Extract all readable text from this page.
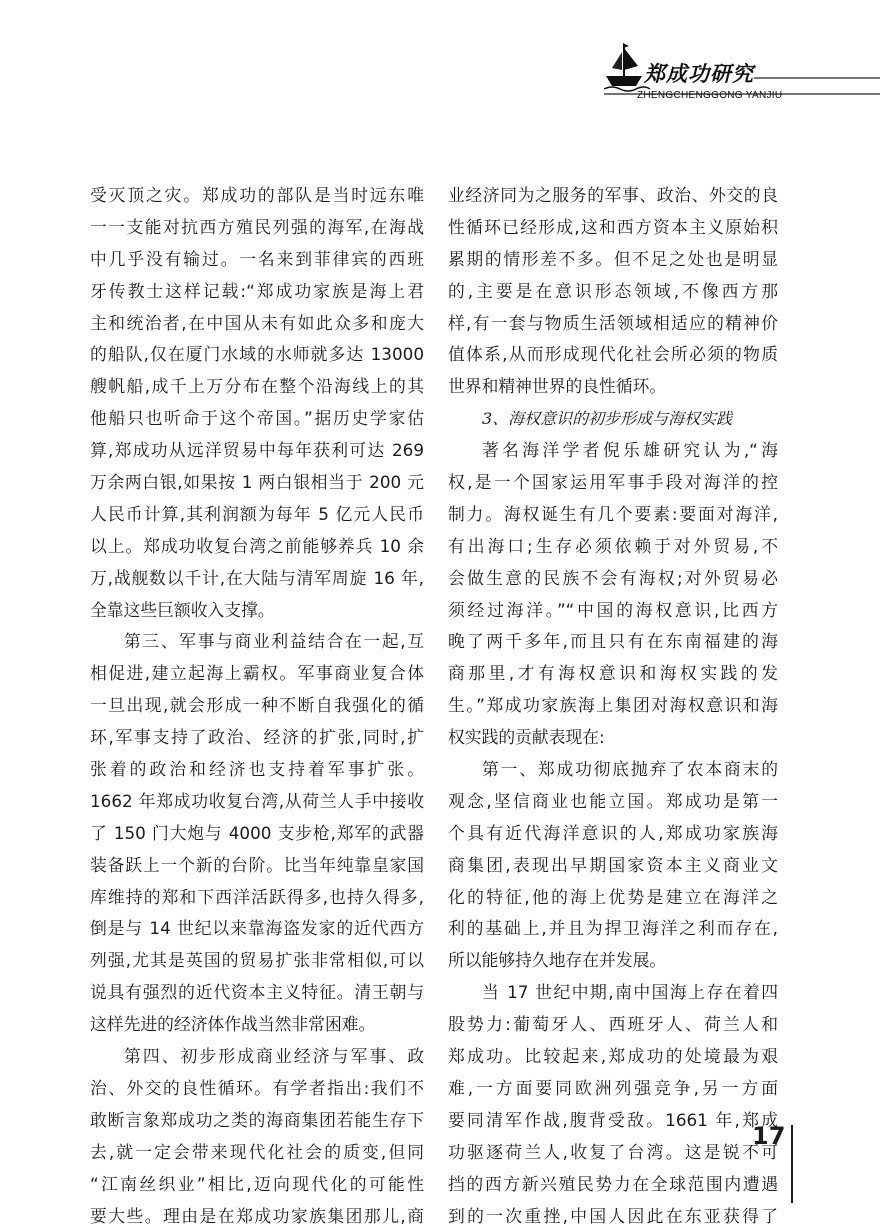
郑成功研究
ZHENGCHENGGONG YANJIU
受灭顶之灾。郑成功的部队是当时远东唯
一一支能对抗西方殖民列强的海军,在海战
中几乎没有输过。一名来到菲律宾的西班
牙传教士这样记载:“郑成功家族是海上君
主和统治者,在中国从未有如此众多和庞大
的船队,仅在厦门水域的水师就多达 13000
艘帆船,成千上万分布在整个沿海线上的其
他船只也听命于这个帝国。”据历史学家估
算,郑成功从远洋贸易中每年获利可达 269
万余两白银,如果按 1 两白银相当于 200 元
人民币计算,其利润额为每年 5 亿元人民币
以上。郑成功收复台湾之前能够养兵 10 余
万,战舰数以千计,在大陆与清军周旋 16 年,
全靠这些巨额收入支撑。
第三、军事与商业利益结合在一起,互
相促进,建立起海上霸权。军事商业复合体
一旦出现,就会形成一种不断自我强化的循
环,军事支持了政治、经济的扩张,同时,扩
张着的政治和经济也支持着军事扩张。
1662 年郑成功收复台湾,从荷兰人手中接收
了 150 门大炮与 4000 支步枪,郑军的武器
装备跃上一个新的台阶。比当年纯靠皇家国
库维持的郑和下西洋活跃得多,也持久得多,
倒是与 14 世纪以来靠海盗发家的近代西方
列强,尤其是英国的贸易扩张非常相似,可以
说具有强烈的近代资本主义特征。清王朝与
这样先进的经济体作战当然非常困难。
第四、初步形成商业经济与军事、政
治、外交的良性循环。有学者指出:我们不
敢断言象郑成功之类的海商集团若能生存下
去,就一定会带来现代化社会的质变,但同
“江南丝织业”相比,迈向现代化的可能性
要大些。理由是在郑成功家族集团那儿,商
业经济同为之服务的军事、政治、外交的良
性循环已经形成,这和西方资本主义原始积
累期的情形差不多。但不足之处也是明显
的,主要是在意识形态领域,不像西方那
样,有一套与物质生活领域相适应的精神价
值体系,从而形成现代化社会所必须的物质
世界和精神世界的良性循环。
3、海权意识的初步形成与海权实践
著名海洋学者倪乐雄研究认为,“海
权,是一个国家运用军事手段对海洋的控
制力。海权诞生有几个要素:要面对海洋,
有出海口;生存必须依赖于对外贸易,不
会做生意的民族不会有海权;对外贸易必
须经过海洋。”“中国的海权意识,比西方
晚了两千多年,而且只有在东南福建的海
商那里,才有海权意识和海权实践的发
生。”郑成功家族海上集团对海权意识和海
权实践的贡献表现在:
第一、郑成功彻底抛弃了农本商末的
观念,坚信商业也能立国。郑成功是第一
个具有近代海洋意识的人,郑成功家族海
商集团,表现出早期国家资本主义商业文
化的特征,他的海上优势是建立在海洋之
利的基础上,并且为捍卫海洋之利而存在,
所以能够持久地存在并发展。
当 17 世纪中期,南中国海上存在着四
股势力:葡萄牙人、西班牙人、荷兰人和
郑成功。比较起来,郑成功的处境最为艰
难,一方面要同欧洲列强竞争,另一方面
要同清军作战,腹背受敌。1661 年,郑成
功驱逐荷兰人,收复了台湾。这是锐不可
挡的西方新兴殖民势力在全球范围内遭遇
到的一次重挫,中国人因此在东亚获得了
17
